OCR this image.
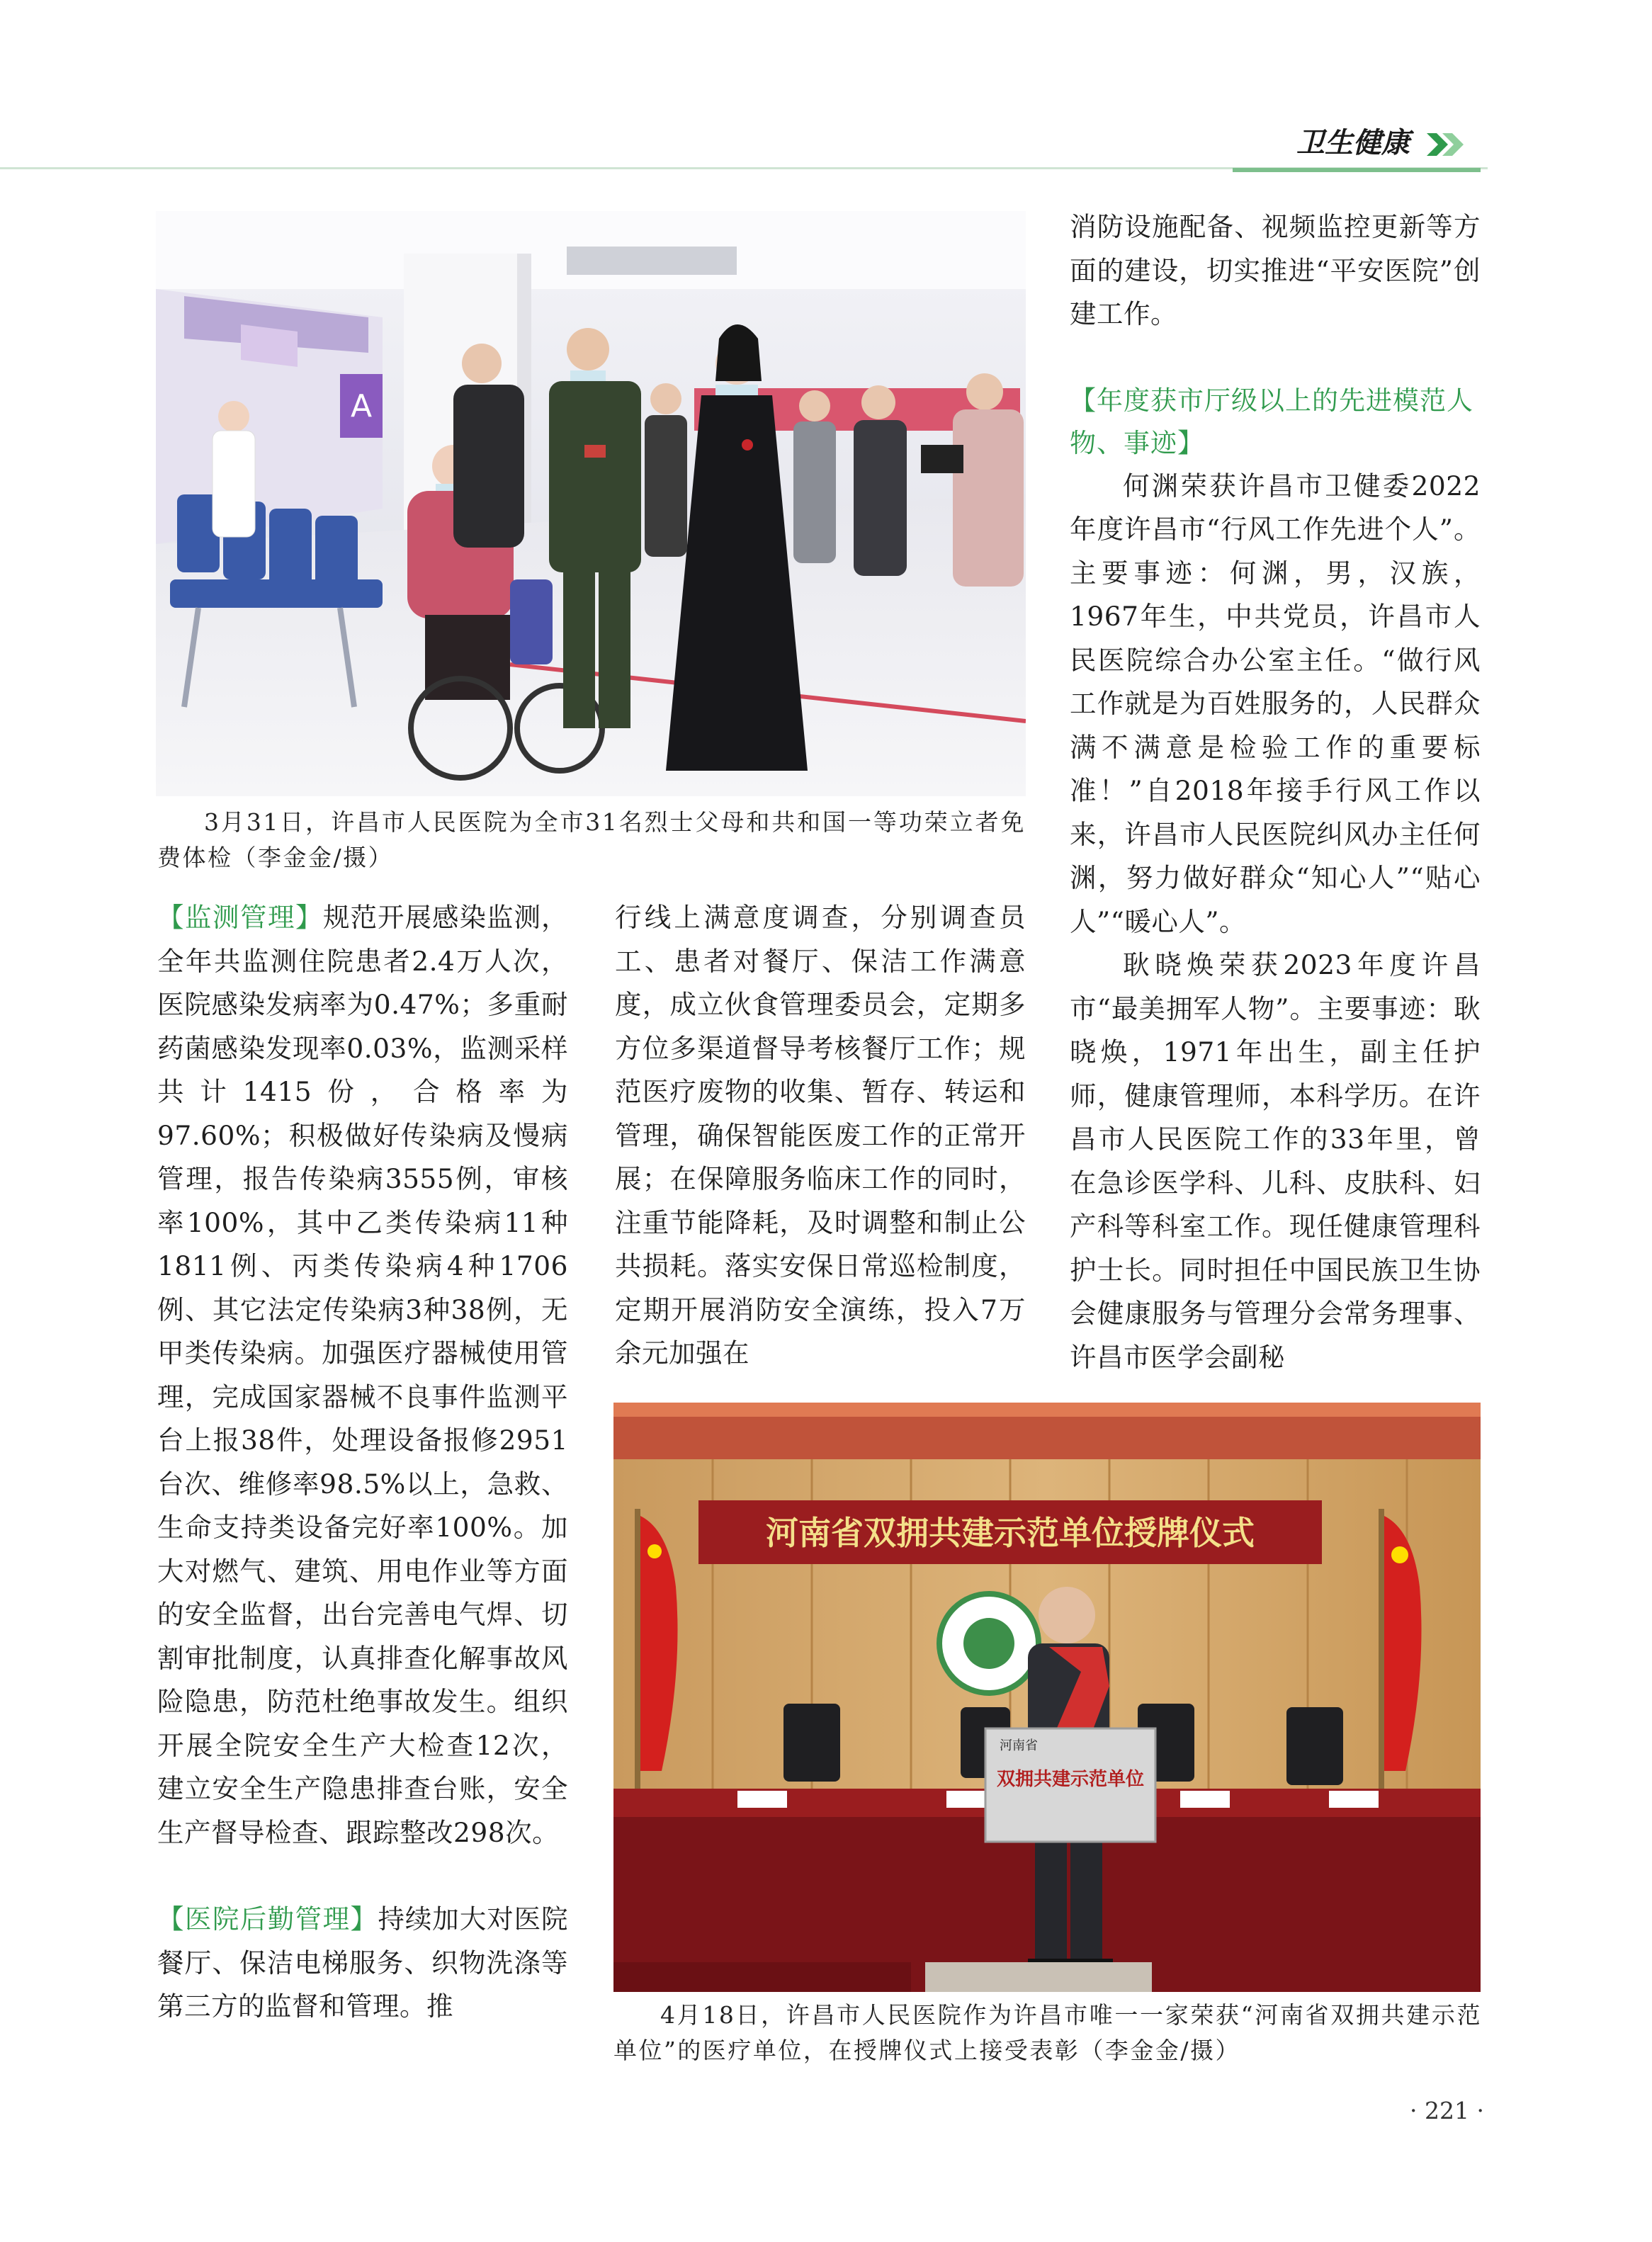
卫生健康
A

3月31日，许昌市人民医院为全市31名烈士父母和共和国一等功荣立者免费体检（李金金/摄）

【监测管理】规范开展感染监测，全年共监测住院患者2.4万人次，医院感染发病率为0.47%；多重耐药菌感染发现率0.03%，监测采样共计1415份，合格率为97.60%；积极做好传染病及慢病管理，报告传染病3555例，审核率100%，其中乙类传染病11种1811例、丙类传染病4种1706例、其它法定传染病3种38例，无甲类传染病。加强医疗器械使用管理，完成国家器械不良事件监测平台上报38件，处理设备报修2951台次、维修率98.5%以上，急救、生命支持类设备完好率100%。加大对燃气、建筑、用电作业等方面的安全监督，出台完善电气焊、切割审批制度，认真排查化解事故风险隐患，防范杜绝事故发生。组织开展全院安全生产大检查12次，建立安全生产隐患排查台账，安全生产督导检查、跟踪整改298次。

【医院后勤管理】持续加大对医院餐厅、保洁电梯服务、织物洗涤等第三方的监督和管理。推

行线上满意度调查，分别调查员工、患者对餐厅、保洁工作满意度，成立伙食管理委员会，定期多方位多渠道督导考核餐厅工作；规范医疗废物的收集、暂存、转运和管理，确保智能医废工作的正常开展；在保障服务临床工作的同时，注重节能降耗，及时调整和制止公共损耗。落实安保日常巡检制度，定期开展消防安全演练，投入7万余元加强在

消防设施配备、视频监控更新等方面的建设，切实推进“平安医院”创建工作。

【年度获市厅级以上的先进模范人物、事迹】

何渊荣获许昌市卫健委2022年度许昌市“行风工作先进个人”。主要事迹：何渊，男，汉族，1967年生，中共党员，许昌市人民医院综合办公室主任。“做行风工作就是为百姓服务的，人民群众满不满意是检验工作的重要标准！”自2018年接手行风工作以来，许昌市人民医院纠风办主任何渊，努力做好群众“知心人”“贴心人”“暖心人”。

耿晓焕荣获2023年度许昌市“最美拥军人物”。主要事迹：耿晓焕，1971年出生，副主任护师，健康管理师，本科学历。在许昌市人民医院工作的33年里，曾在急诊医学科、儿科、皮肤科、妇产科等科室工作。现任健康管理科护士长。同时担任中国民族卫生协会健康服务与管理分会常务理事、许昌市医学会副秘

河南省双拥共建示范单位授牌仪式
河南省
双拥共建示范单位

4月18日，许昌市人民医院作为许昌市唯一一家荣获“河南省双拥共建示范单位”的医疗单位，在授牌仪式上接受表彰（李金金/摄）

· 221 ·
